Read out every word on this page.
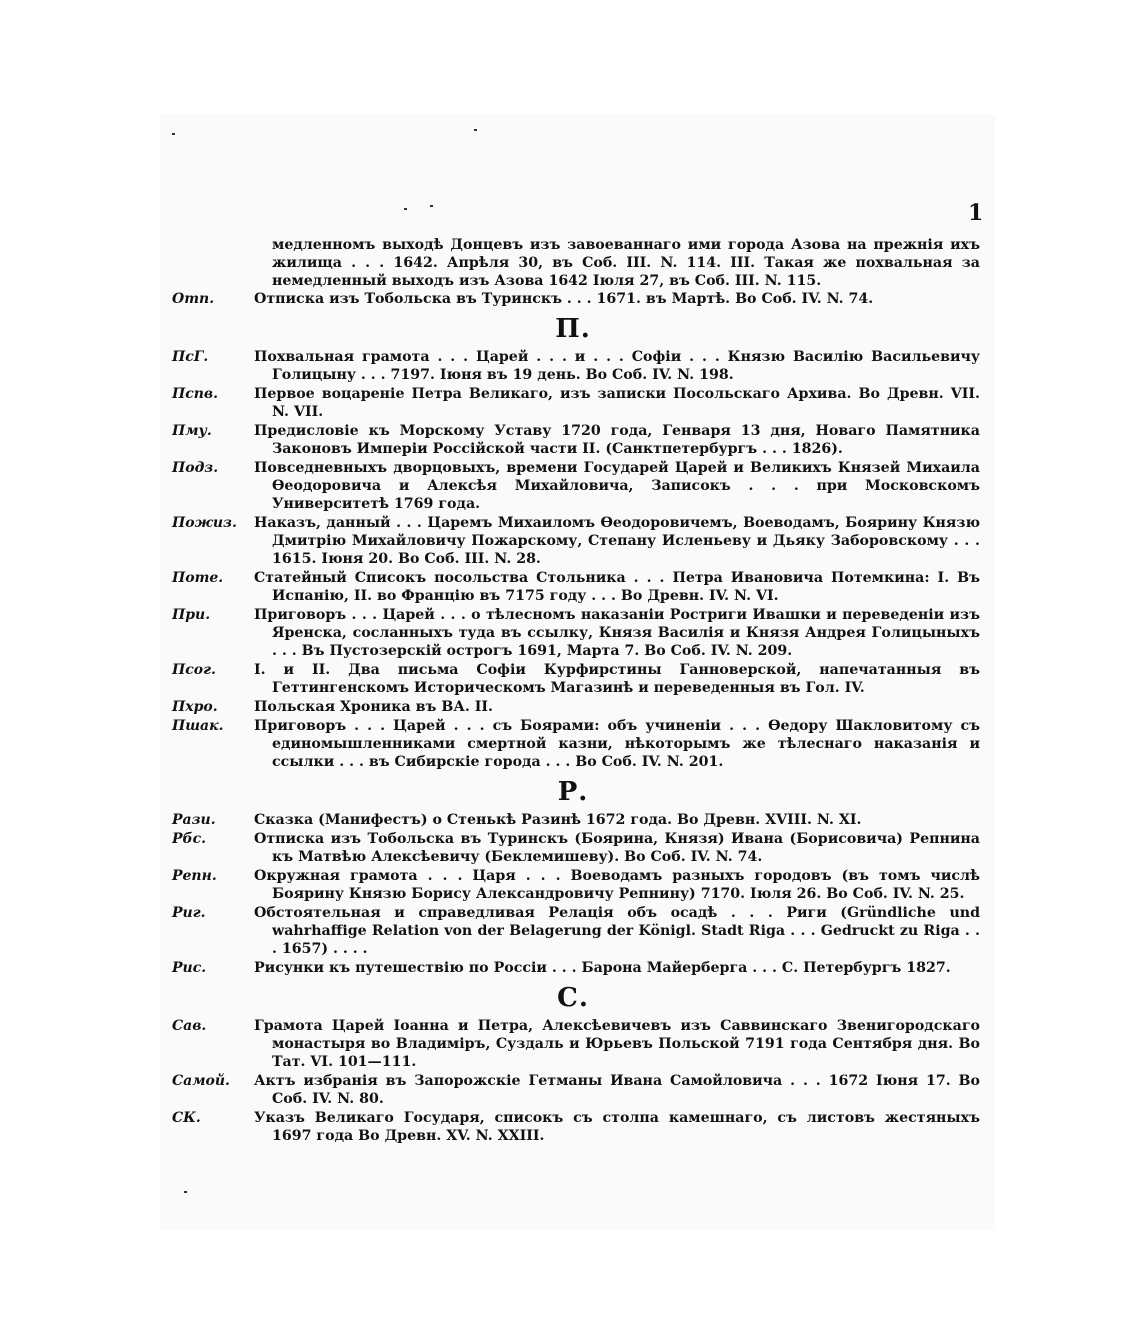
1
медленномъ выходѣ Донцевъ изъ завоеваннаго ими города Азова на прежнія ихъ жилища . . . 1642. Апрѣля 30, въ Соб. III. N. 114. III. Такая же похвальная за немедленный выходъ изъ Азова 1642 Іюля 27, въ Соб. III. N. 115.
Отп.	Отписка изъ Тобольска въ Туринскъ . . . 1671. въ Мартѣ. Во Соб. IV. N. 74.
П.
ПсГ.	Похвальная грамота . . . Царей . . . и . . . Софіи . . . Князю Василію Васильевичу Голицыну . . . 7197. Іюня въ 19 день. Во Соб. IV. N. 198.
Пспв.	Первое воцареніе Петра Великаго, изъ записки Посольскаго Архива. Во Древн. VII. N. VII.
Пму.	Предисловіе къ Морскому Уставу 1720 года, Генваря 13 дня, Новаго Памятника Законовъ Имперіи Россійской части II. (Санктпетербургъ . . . 1826).
Подз.	Повседневныхъ дворцовыхъ, времени Государей Царей и Великихъ Князей Михаила Ѳеодоровича и Алексѣя Михайловича, Записокъ . . . при Московскомъ Университетѣ 1769 года.
Пожиз.	Наказъ, данный . . . Царемъ Михаиломъ Ѳеодоровичемъ, Воеводамъ, Боярину Князю Дмитрію Михайловичу Пожарскому, Степану Исленьеву и Дьяку Заборовскому . . . 1615. Іюня 20. Во Соб. III. N. 28.
Поте.	Статейный Списокъ посольства Стольника . . . Петра Ивановича Потемкина: I. Въ Испанію, II. во Францію въ 7175 году . . . Во Древн. IV. N. VI.
При.	Приговоръ . . . Царей . . . о тѣлесномъ наказаніи Ростриги Ивашки и переведеніи изъ Яренска, сосланныхъ туда въ ссылку, Князя Василія и Князя Андрея Голицыныхъ . . . Въ Пустозерскій острогъ 1691, Марта 7. Во Соб. IV. N. 209.
Псог.	I. и II. Два письма Софіи Курфирстины Ганноверской, напечатанныя въ Геттингенскомъ Историческомъ Магазинѣ и переведенныя въ Гол. IV.
Пхро.	Польская Хроника въ ВА. II.
Пшак.	Приговоръ . . . Царей . . . съ Боярами: объ учиненіи . . . Ѳедору Шакловитому съ единомышленниками смертной казни, нѣкоторымъ же тѣлеснаго наказанія и ссылки . . . въ Сибирскіе города . . . Во Соб. IV. N. 201.
Р.
Рази.	Сказка (Манифестъ) о Стенькѣ Разинѣ 1672 года. Во Древн. XVIII. N. XI.
Рбс.	Отписка изъ Тобольска въ Туринскъ (Боярина, Князя) Ивана (Борисовича) Репнина къ Матвѣю Алексѣевичу (Беклемишеву). Во Соб. IV. N. 74.
Репн.	Окружная грамота . . . Царя . . . Воеводамъ разныхъ городовъ (въ томъ числѣ Боярину Князю Борису Александровичу Репнину) 7170. Іюля 26. Во Соб. IV. N. 25.
Риг.	Обстоятельная и справедливая Релація объ осадѣ . . . Риги (Gründliche und wahrhaffige Relation von der Belagerung der Königl. Stadt Riga . . . Gedruckt zu Riga . . . 1657) . . . .
Рис.	Рисунки къ путешествію по Россіи . . . Барона Майерберга . . . С. Петербургъ 1827.
С.
Сав.	Грамота Царей Іоанна и Петра, Алексѣевичевъ изъ Саввинскаго Звенигородскаго монастыря во Владиміръ, Суздаль и Юрьевъ Польской 7191 года Сентября дня. Во Тат. VI. 101—111.
Самой.	Актъ избранія въ Запорожскіе Гетманы Ивана Самойловича . . . 1672 Іюня 17. Во Соб. IV. N. 80.
СК.	Указъ Великаго Государя, списокъ съ столпа камешнаго, съ листовъ жестяныхъ 1697 года Во Древн. XV. N. XXIII.
